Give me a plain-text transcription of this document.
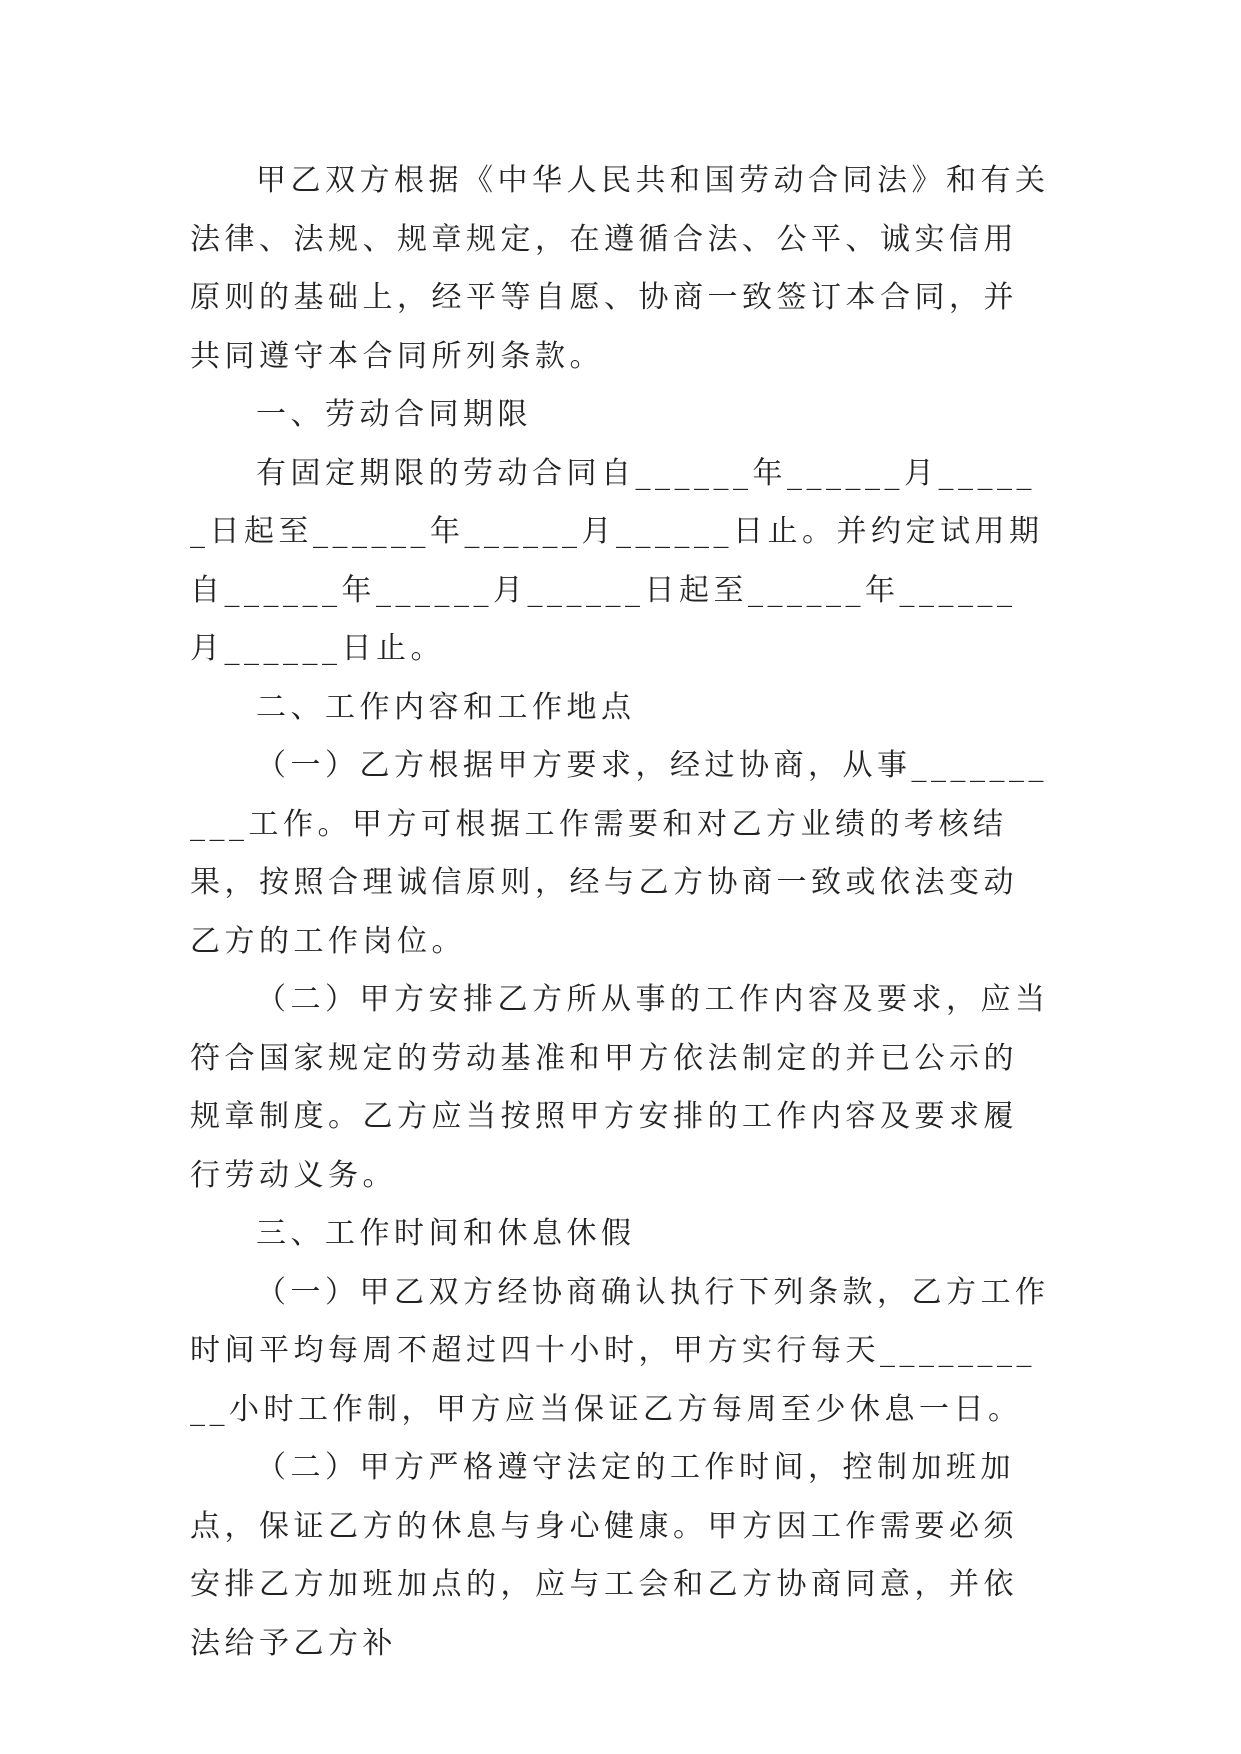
甲乙双方根据《中华人民共和国劳动合同法》和有关法律、法规、规章规定，在遵循合法、公平、诚实信用原则的基础上，经平等自愿、协商一致签订本合同，并共同遵守本合同所列条款。

一、劳动合同期限

有固定期限的劳动合同自______年______月______日起至______年______月______日止。并约定试用期自______年______月______日起至______年______月______日止。

二、工作内容和工作地点

（一）乙方根据甲方要求，经过协商，从事__________工作。甲方可根据工作需要和对乙方业绩的考核结果，按照合理诚信原则，经与乙方协商一致或依法变动乙方的工作岗位。

（二）甲方安排乙方所从事的工作内容及要求，应当符合国家规定的劳动基准和甲方依法制定的并已公示的规章制度。乙方应当按照甲方安排的工作内容及要求履行劳动义务。

三、工作时间和休息休假

（一）甲乙双方经协商确认执行下列条款，乙方工作时间平均每周不超过四十小时，甲方实行每天__________小时工作制，甲方应当保证乙方每周至少休息一日。

（二）甲方严格遵守法定的工作时间，控制加班加点，保证乙方的休息与身心健康。甲方因工作需要必须安排乙方加班加点的，应与工会和乙方协商同意，并依法给予乙方补
